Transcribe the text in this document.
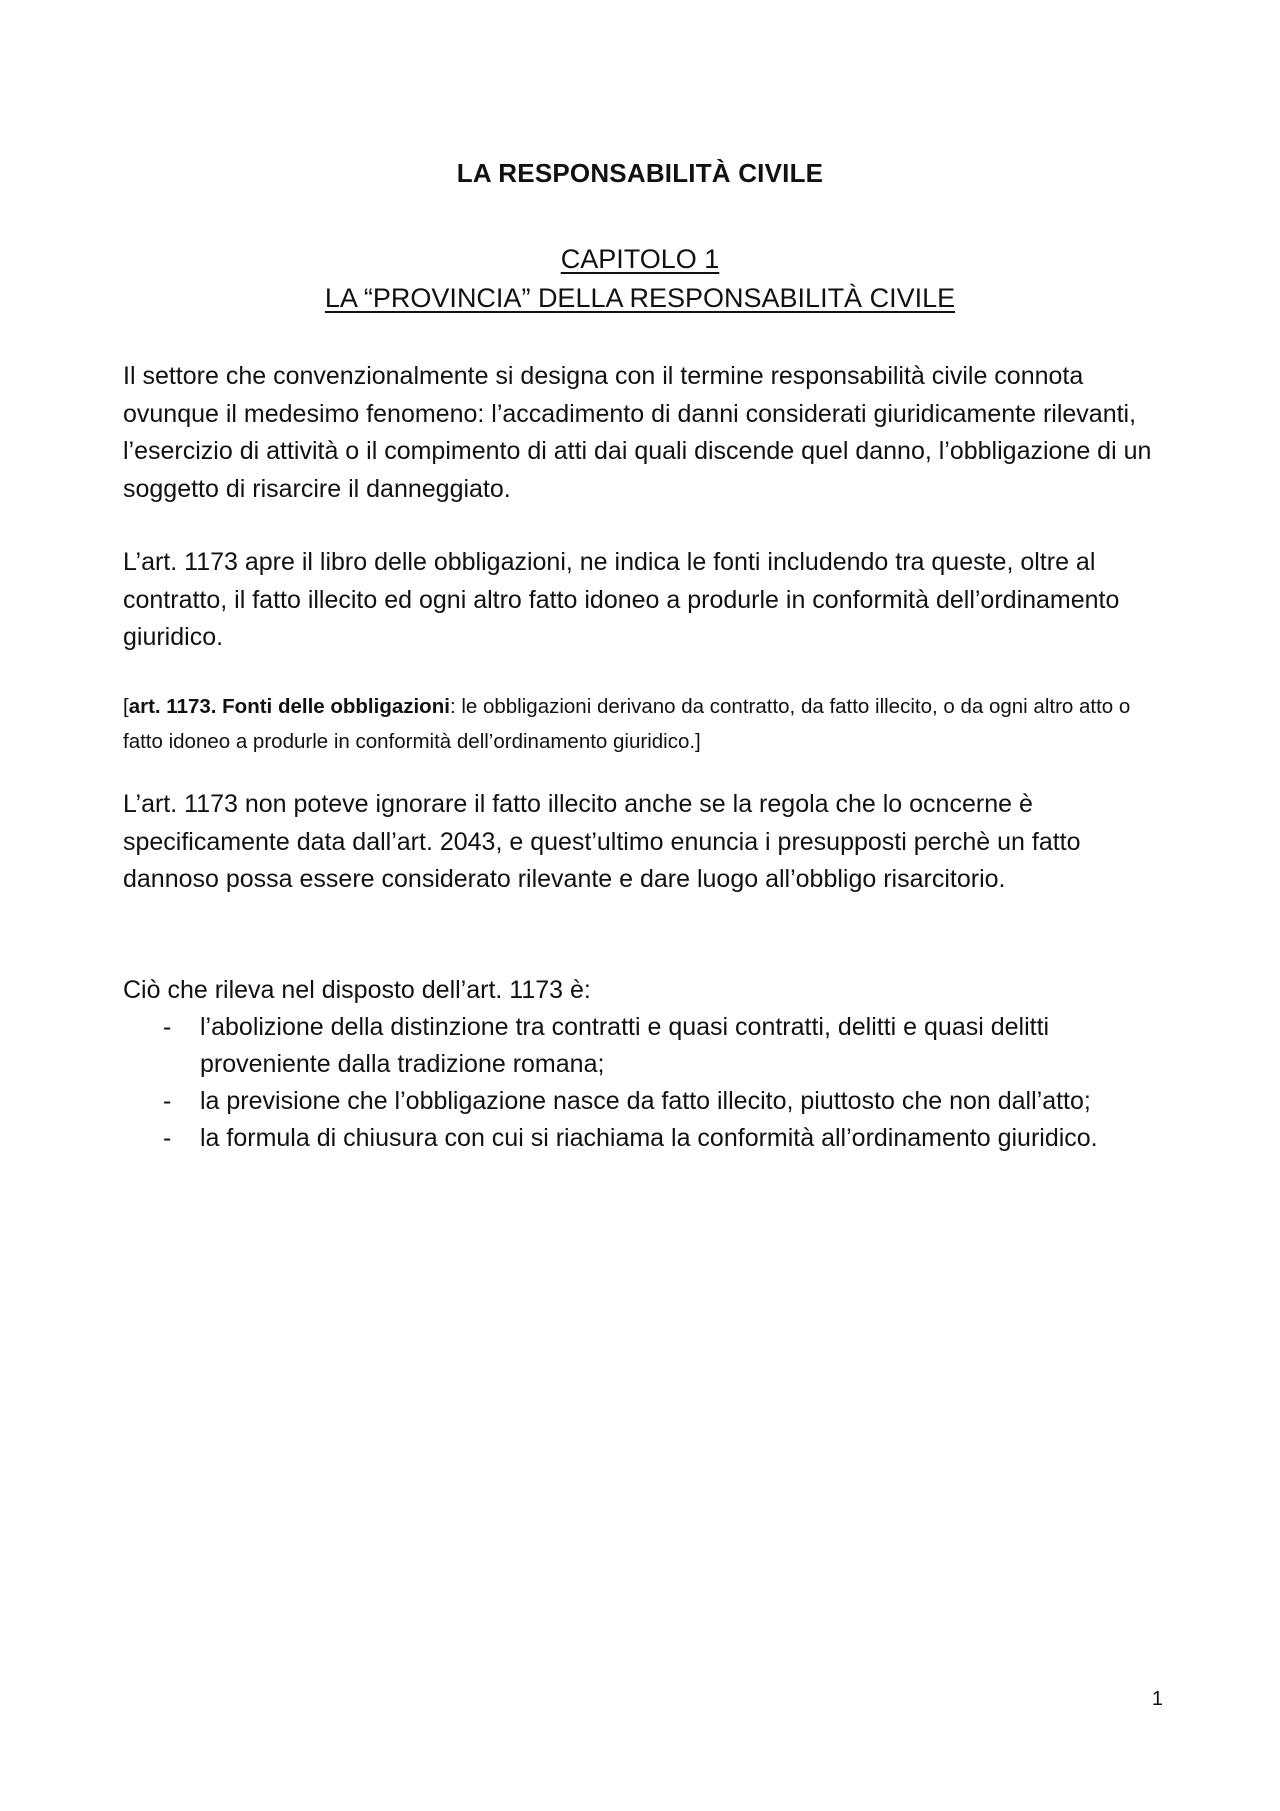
LA RESPONSABILITÀ CIVILE
CAPITOLO 1
LA “PROVINCIA” DELLA RESPONSABILITÀ CIVILE

Il settore che convenzionalmente si designa con il termine responsabilità civile connota ovunque il medesimo fenomeno: l’accadimento di danni considerati giuridicamente rilevanti, l’esercizio di attività o il compimento di atti dai quali discende quel danno, l’obbligazione di un soggetto di risarcire il danneggiato.

L’art. 1173 apre il libro delle obbligazioni, ne indica le fonti includendo tra queste, oltre al contratto, il fatto illecito ed ogni altro fatto idoneo a produrle in conformità dell’ordinamento giuridico.

[art. 1173. Fonti delle obbligazioni: le obbligazioni derivano da contratto, da fatto illecito, o da ogni altro atto o fatto idoneo a produrle in conformità dell’ordinamento giuridico.]

L’art. 1173 non poteve ignorare il fatto illecito anche se la regola che lo ocncerne è specificamente data dall’art. 2043, e quest’ultimo enuncia i presupposti perchè un fatto dannoso possa essere considerato rilevante e dare luogo all’obbligo risarcitorio.

Ciò che rileva nel disposto dell’art. 1173 è:

- l’abolizione della distinzione tra contratti e quasi contratti, delitti e quasi delitti proveniente dalla tradizione romana;
- la previsione che l’obbligazione nasce da fatto illecito, piuttosto che non dall’atto;
- la formula di chiusura con cui si riachiama la conformità all’ordinamento giuridico.
1
